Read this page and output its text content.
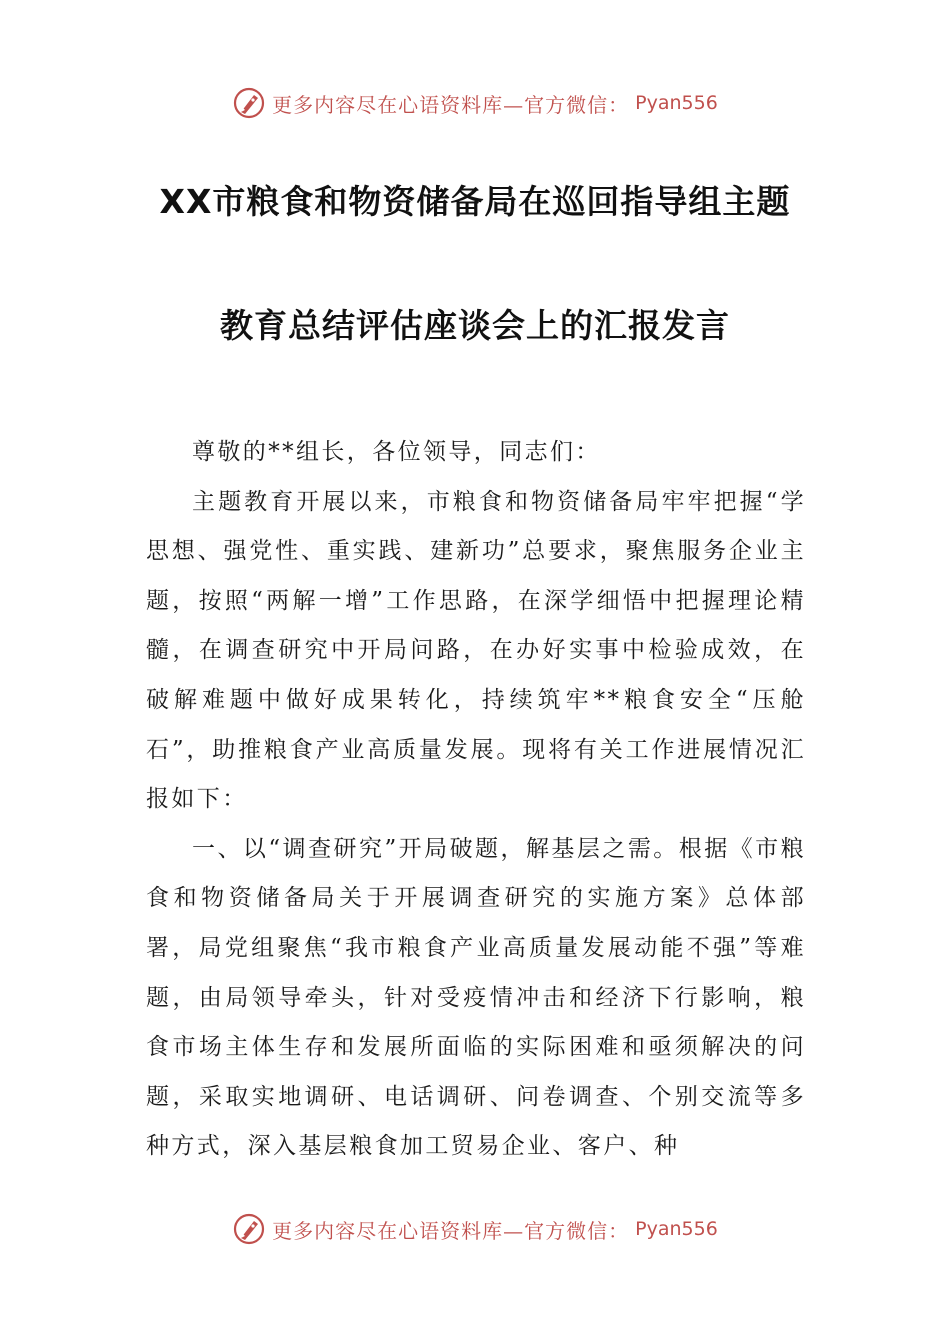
更多内容尽在心语资料库—官方微信： Pyan556
XX市粮食和物资储备局在巡回指导组主题
教育总结评估座谈会上的汇报发言

尊敬的**组长，各位领导，同志们：

主题教育开展以来，市粮食和物资储备局牢牢把握“学思想、强党性、重实践、建新功”总要求，聚焦服务企业主题，按照“两解一增”工作思路，在深学细悟中把握理论精髓，在调查研究中开局问路，在办好实事中检验成效，在破解难题中做好成果转化，持续筑牢**粮食安全“压舱石”，助推粮食产业高质量发展。现将有关工作进展情况汇报如下：

一、以“调查研究”开局破题，解基层之需。根据《市粮食和物资储备局关于开展调查研究的实施方案》总体部署，局党组聚焦“我市粮食产业高质量发展动能不强”等难题，由局领导牵头，针对受疫情冲击和经济下行影响，粮食市场主体生存和发展所面临的实际困难和亟须解决的问题，采取实地调研、电话调研、问卷调查、个别交流等多种方式，深入基层粮食加工贸易企业、客户、种

更多内容尽在心语资料库—官方微信： Pyan556
